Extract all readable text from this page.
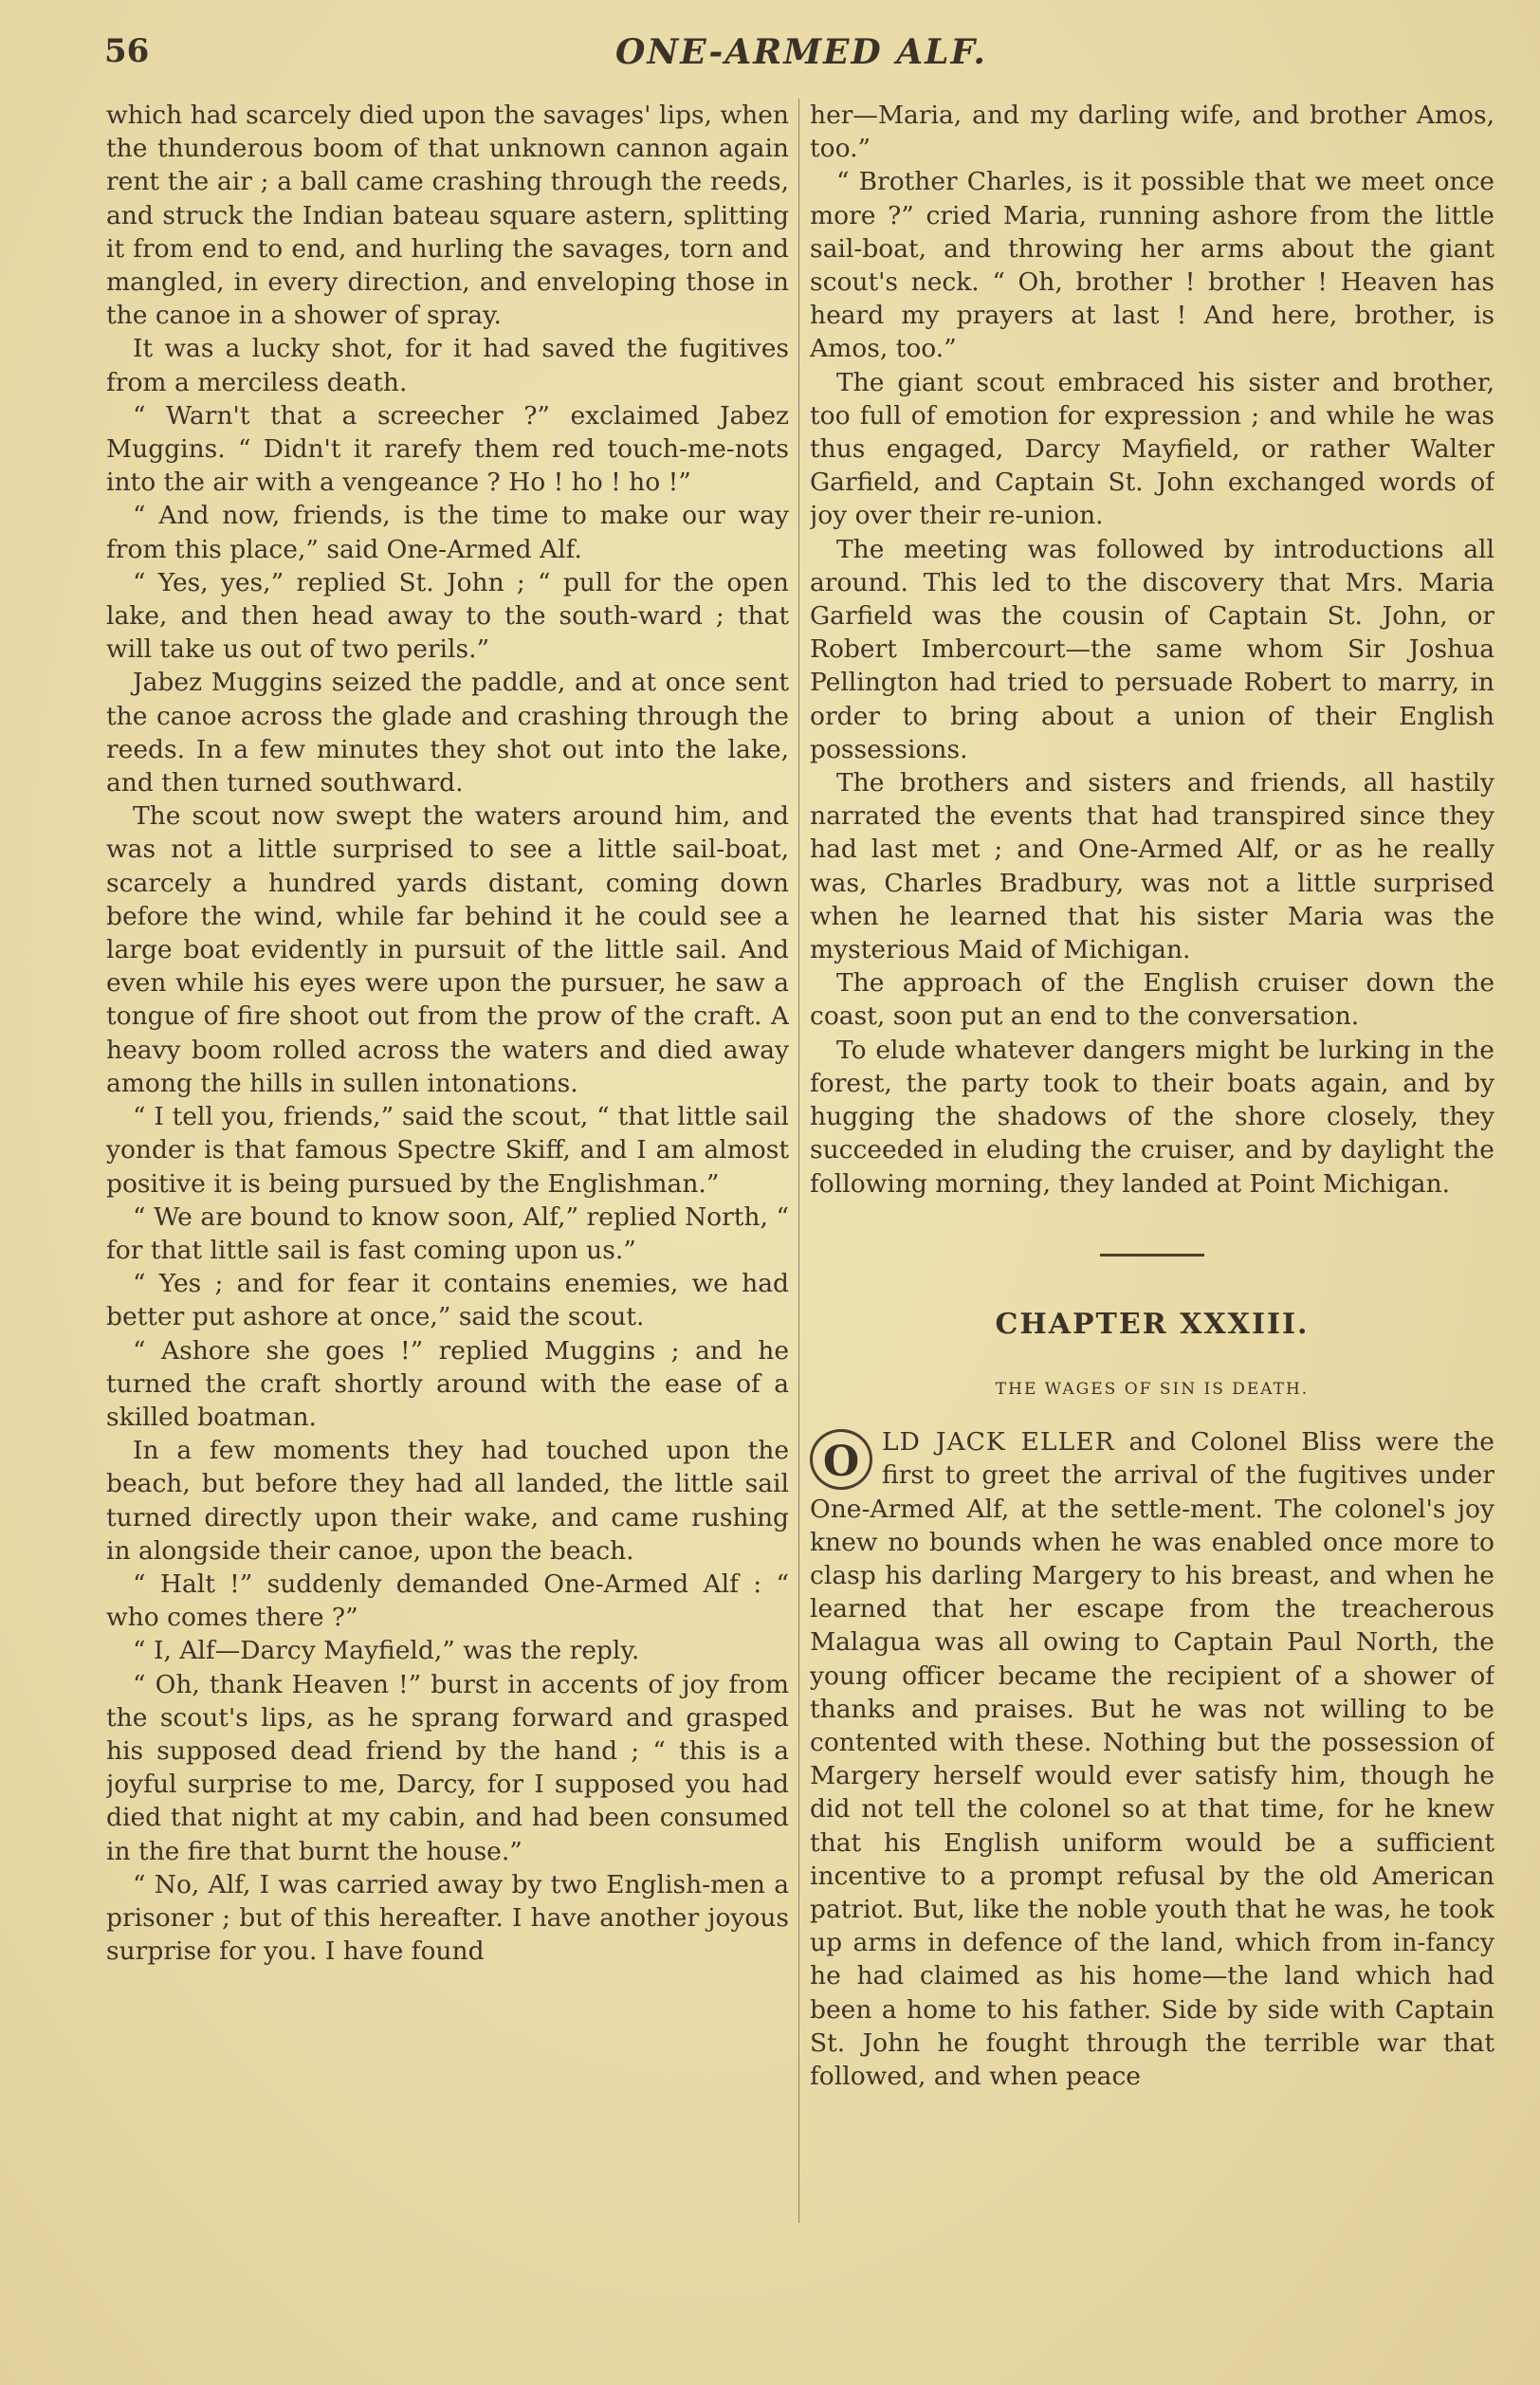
56	ONE-ARMED ALF.

which had scarcely died upon the savages' lips, when the thunderous boom of that unknown cannon again rent the air ; a ball came crashing through the reeds, and struck the Indian bateau square astern, splitting it from end to end, and hurling the savages, torn and mangled, in every direction, and enveloping those in the canoe in a shower of spray.

It was a lucky shot, for it had saved the fugitives from a merciless death.

“ Warn't that a screecher ?” exclaimed Jabez Muggins. “ Didn't it rarefy them red touch-me-nots into the air with a vengeance ? Ho ! ho ! ho !”

“ And now, friends, is the time to make our way from this place,” said One-Armed Alf.

“ Yes, yes,” replied St. John ; “ pull for the open lake, and then head away to the south-ward ; that will take us out of two perils.”

Jabez Muggins seized the paddle, and at once sent the canoe across the glade and crashing through the reeds. In a few minutes they shot out into the lake, and then turned southward.

The scout now swept the waters around him, and was not a little surprised to see a little sail-boat, scarcely a hundred yards distant, coming down before the wind, while far behind it he could see a large boat evidently in pursuit of the little sail. And even while his eyes were upon the pursuer, he saw a tongue of fire shoot out from the prow of the craft. A heavy boom rolled across the waters and died away among the hills in sullen intonations.

“ I tell you, friends,” said the scout, “ that little sail yonder is that famous Spectre Skiff, and I am almost positive it is being pursued by the Englishman.”

“ We are bound to know soon, Alf,” replied North, “ for that little sail is fast coming upon us.”

“ Yes ; and for fear it contains enemies, we had better put ashore at once,” said the scout.

“ Ashore she goes !” replied Muggins ; and he turned the craft shortly around with the ease of a skilled boatman.

In a few moments they had touched upon the beach, but before they had all landed, the little sail turned directly upon their wake, and came rushing in alongside their canoe, upon the beach.

“ Halt !” suddenly demanded One-Armed Alf : “ who comes there ?”

“ I, Alf—Darcy Mayfield,” was the reply.

“ Oh, thank Heaven !” burst in accents of joy from the scout's lips, as he sprang forward and grasped his supposed dead friend by the hand ; “ this is a joyful surprise to me, Darcy, for I supposed you had died that night at my cabin, and had been consumed in the fire that burnt the house.”

“ No, Alf, I was carried away by two English-men a prisoner ; but of this hereafter. I have another joyous surprise for you. I have found

her—Maria, and my darling wife, and brother Amos, too.”

“ Brother Charles, is it possible that we meet once more ?” cried Maria, running ashore from the little sail-boat, and throwing her arms about the giant scout's neck. “ Oh, brother ! brother ! Heaven has heard my prayers at last ! And here, brother, is Amos, too.”

The giant scout embraced his sister and brother, too full of emotion for expression ; and while he was thus engaged, Darcy Mayfield, or rather Walter Garfield, and Captain St. John exchanged words of joy over their re-union.

The meeting was followed by introductions all around. This led to the discovery that Mrs. Maria Garfield was the cousin of Captain St. John, or Robert Imbercourt—the same whom Sir Joshua Pellington had tried to persuade Robert to marry, in order to bring about a union of their English possessions.

The brothers and sisters and friends, all hastily narrated the events that had transpired since they had last met ; and One-Armed Alf, or as he really was, Charles Bradbury, was not a little surprised when he learned that his sister Maria was the mysterious Maid of Michigan.

The approach of the English cruiser down the coast, soon put an end to the conversation.

To elude whatever dangers might be lurking in the forest, the party took to their boats again, and by hugging the shadows of the shore closely, they succeeded in eluding the cruiser, and by daylight the following morning, they landed at Point Michigan.

CHAPTER XXXIII.
THE WAGES OF SIN IS DEATH.

O LD JACK ELLER and Colonel Bliss were the first to greet the arrival of the fugitives under One-Armed Alf, at the settle-ment. The colonel's joy knew no bounds when he was enabled once more to clasp his darling Margery to his breast, and when he learned that her escape from the treacherous Malagua was all owing to Captain Paul North, the young officer became the recipient of a shower of thanks and praises. But he was not willing to be contented with these. Nothing but the possession of Margery herself would ever satisfy him, though he did not tell the colonel so at that time, for he knew that his English uniform would be a sufficient incentive to a prompt refusal by the old American patriot. But, like the noble youth that he was, he took up arms in defence of the land, which from in-fancy he had claimed as his home—the land which had been a home to his father. Side by side with Captain St. John he fought through the terrible war that followed, and when peace
